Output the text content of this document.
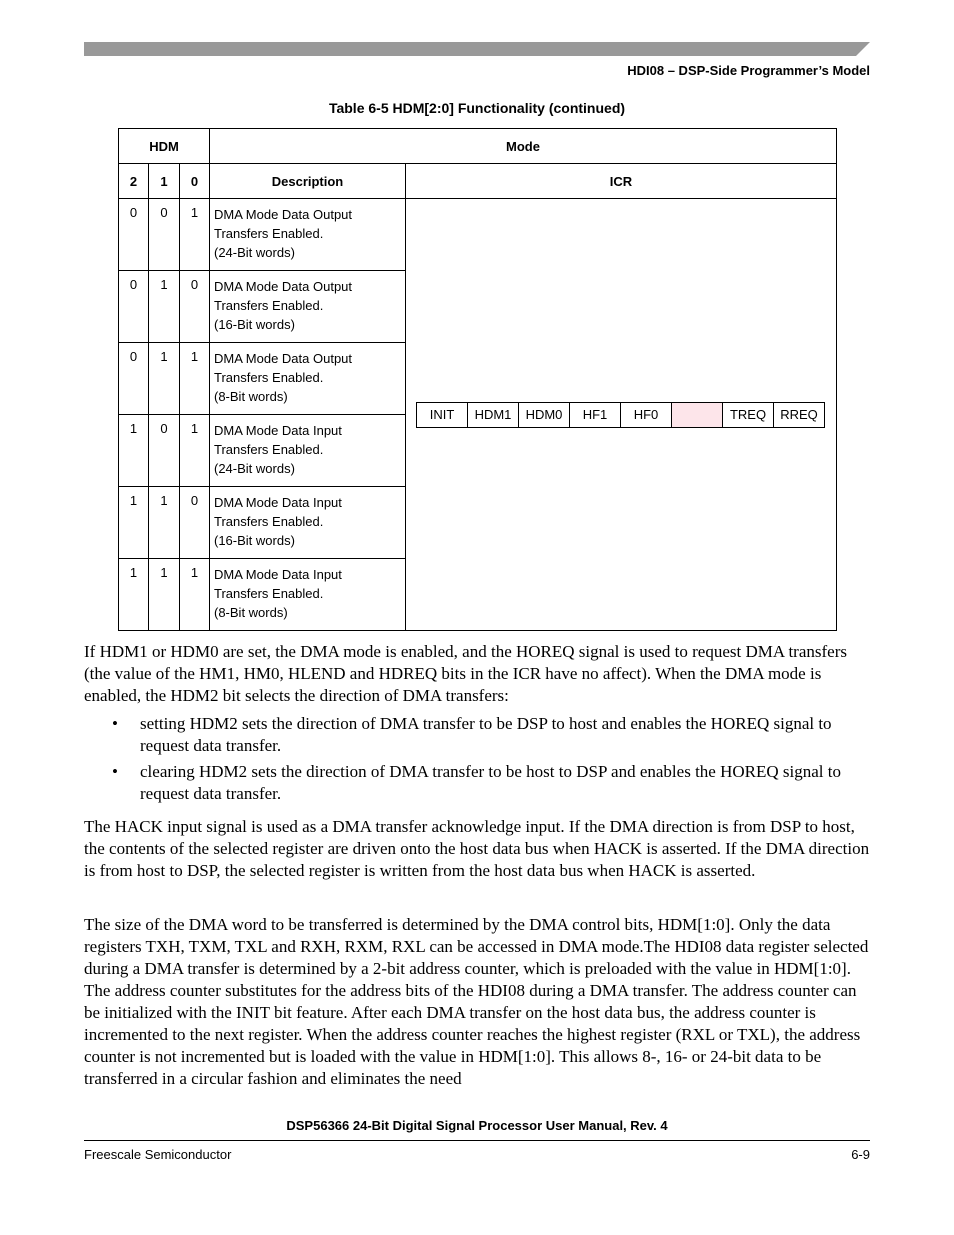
HDI08 – DSP-Side Programmer’s Model
Table 6-5 HDM[2:0] Functionality (continued)
HDM	Mode
2	1	0	Description	ICR
0	0	1	DMA Mode Data Output
Transfers Enabled.
(24-Bit words)

INIT	HDM1	HDM0	HF1	HF0		TREQ	RREQ

0	1	0	DMA Mode Data Output
Transfers Enabled.
(16-Bit words)

0	1	1	DMA Mode Data Output
Transfers Enabled.
(8-Bit words)

1	0	1	DMA Mode Data Input
Transfers Enabled.
(24-Bit words)

1	1	0	DMA Mode Data Input
Transfers Enabled.
(16-Bit words)

1	1	1	DMA Mode Data Input
Transfers Enabled.
(8-Bit words)

If HDM1 or HDM0 are set, the DMA mode is enabled, and the HOREQ signal is used to request DMA transfers (the value of the HM1, HM0, HLEND and HDREQ bits in the ICR have no affect). When the DMA mode is enabled, the HDM2 bit selects the direction of DMA transfers:

• setting HDM2 sets the direction of DMA transfer to be DSP to host and enables the HOREQ signal to request data transfer.
• clearing HDM2 sets the direction of DMA transfer to be host to DSP and enables the HOREQ signal to request data transfer.

The HACK input signal is used as a DMA transfer acknowledge input. If the DMA direction is from DSP to host, the contents of the selected register are driven onto the host data bus when HACK is asserted. If the DMA direction is from host to DSP, the selected register is written from the host data bus when HACK is asserted.

The size of the DMA word to be transferred is determined by the DMA control bits, HDM[1:0]. Only the data registers TXH, TXM, TXL and RXH, RXM, RXL can be accessed in DMA mode.The HDI08 data register selected during a DMA transfer is determined by a 2-bit address counter, which is preloaded with the value in HDM[1:0]. The address counter substitutes for the address bits of the HDI08 during a DMA transfer. The address counter can be initialized with the INIT bit feature. After each DMA transfer on the host data bus, the address counter is incremented to the next register. When the address counter reaches the highest register (RXL or TXL), the address counter is not incremented but is loaded with the value in HDM[1:0]. This allows 8-, 16- or 24-bit data to be transferred in a circular fashion and eliminates the need

DSP56366 24-Bit Digital Signal Processor User Manual, Rev. 4
Freescale Semiconductor	6-9
